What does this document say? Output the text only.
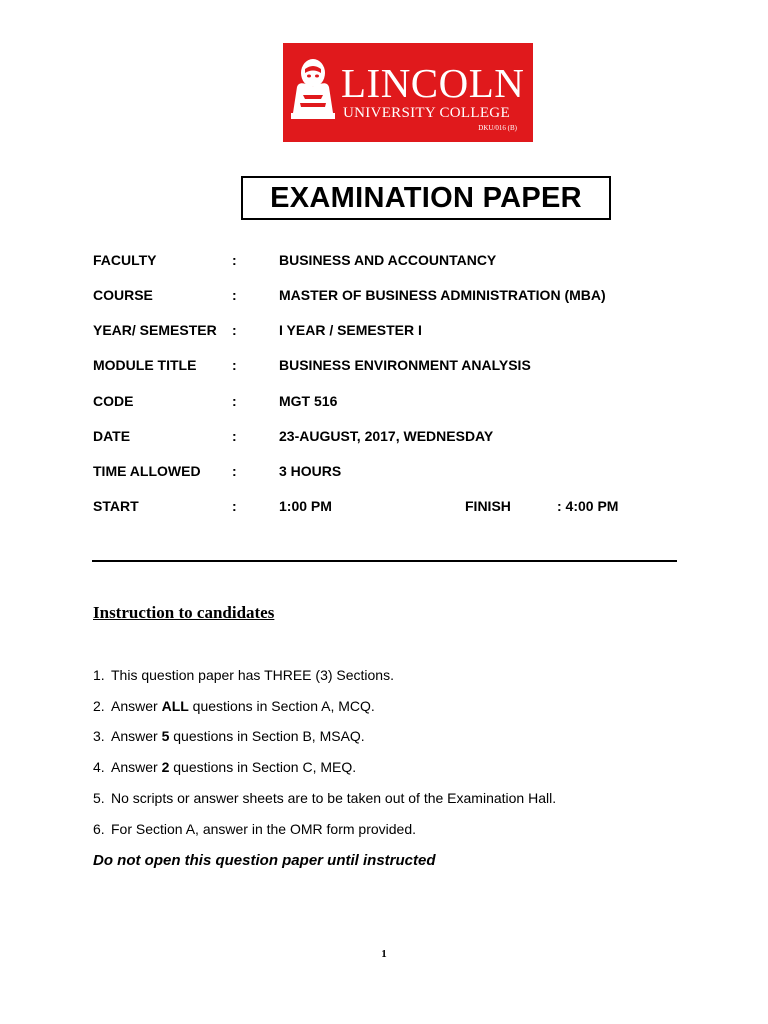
LINCOLN
UNIVERSITY COLLEGE
DKU/016 (B)
EXAMINATION PAPER
FACULTY	:	BUSINESS AND ACCOUNTANCY
COURSE	:	MASTER OF BUSINESS ADMINISTRATION (MBA)
YEAR/ SEMESTER :	I YEAR / SEMESTER I
MODULE TITLE	:	BUSINESS ENVIRONMENT ANALYSIS
CODE	:	MGT 516
DATE	:	23-AUGUST, 2017, WEDNESDAY
TIME ALLOWED :	3 HOURS
START	:	1:00 PM	FINISH	: 4:00 PM
Instruction to candidates
1. This question paper has THREE (3) Sections.
2. Answer ALL questions in Section A, MCQ.
3. Answer 5 questions in Section B, MSAQ.
4. Answer 2 questions in Section C, MEQ.
5. No scripts or answer sheets are to be taken out of the Examination Hall.
6. For Section A, answer in the OMR form provided.
Do not open this question paper until instructed
1
